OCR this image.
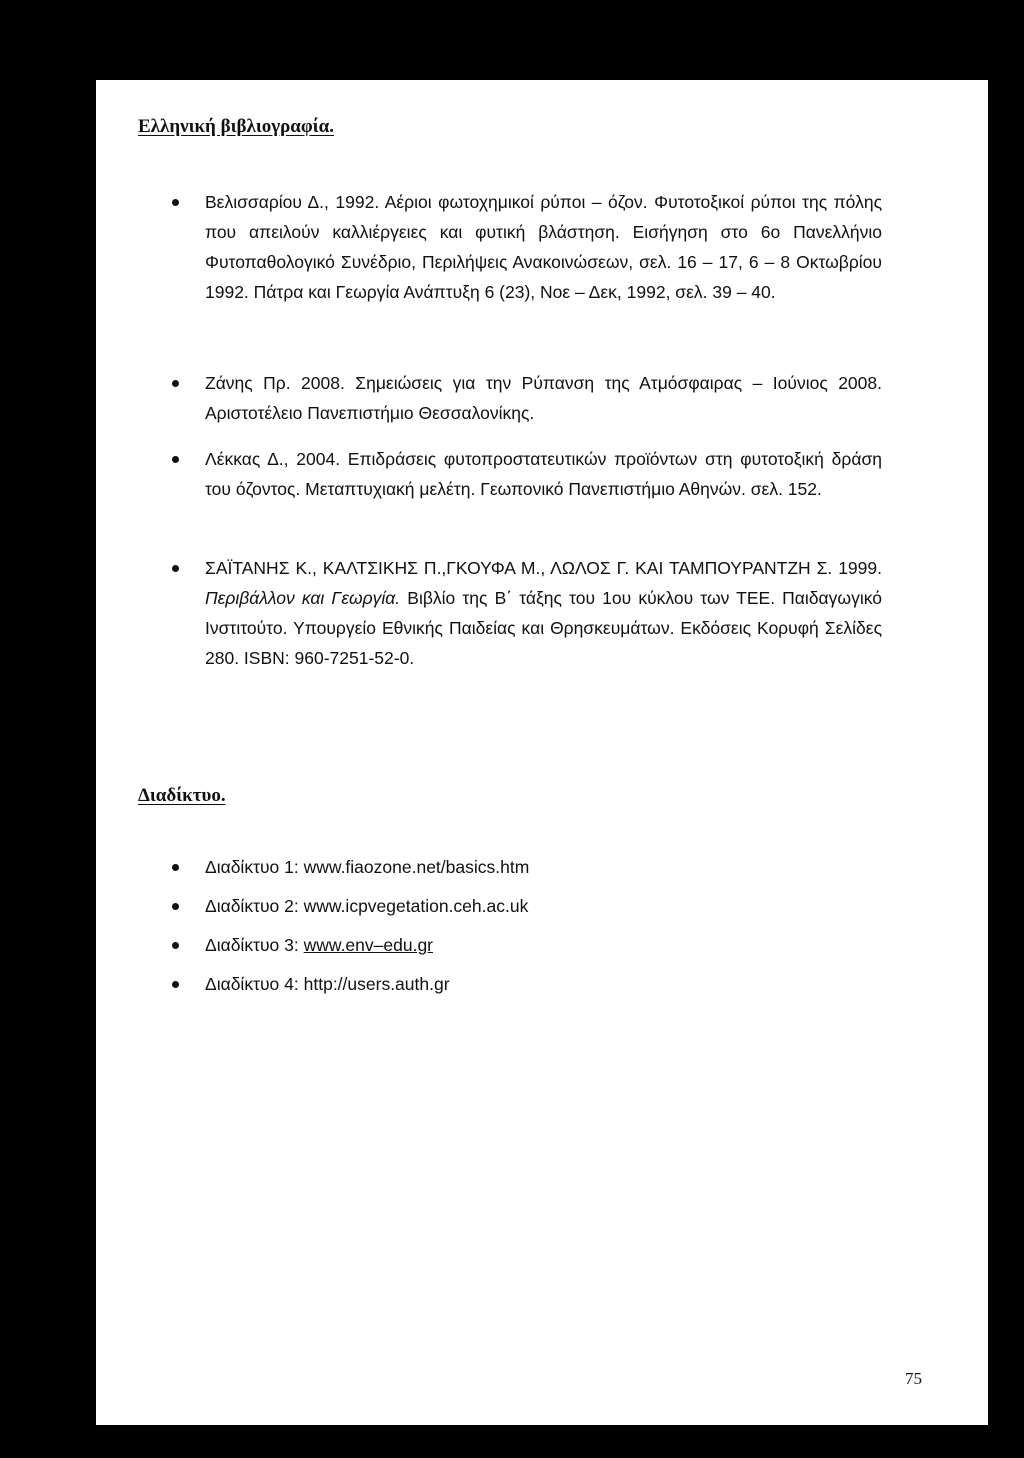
Ελληνική βιβλιογραφία.
Βελισσαρίου Δ., 1992. Αέριοι φωτοχημικοί ρύποι – όζον. Φυτοτοξικοί ρύποι της πόλης που απειλούν καλλιέργειες και φυτική βλάστηση. Εισήγηση στο 6ο Πανελλήνιο Φυτοπαθολογικό Συνέδριο, Περιλήψεις Ανακοινώσεων, σελ. 16 – 17, 6 – 8 Οκτωβρίου 1992. Πάτρα και Γεωργία Ανάπτυξη 6 (23), Νοε – Δεκ, 1992, σελ. 39 – 40.
Ζάνης Πρ. 2008. Σημειώσεις για την Ρύπανση της Ατμόσφαιρας – Ιούνιος 2008. Αριστοτέλειο Πανεπιστήμιο Θεσσαλονίκης.
Λέκκας Δ., 2004. Επιδράσεις φυτοπροστατευτικών προϊόντων στη φυτοτοξική δράση του όζοντος. Μεταπτυχιακή μελέτη. Γεωπονικό Πανεπιστήμιο Αθηνών. σελ. 152.
ΣΑΪΤΑΝΗΣ Κ., ΚΑΛΤΣΙΚΗΣ Π.,ΓΚΟΥΦΑ Μ., ΛΩΛΟΣ Γ. ΚΑΙ ΤΑΜΠΟΥΡΑΝΤΖΗ Σ. 1999. Περιβάλλον και Γεωργία. Βιβλίο της Β΄ τάξης του 1ου κύκλου των ΤΕΕ. Παιδαγωγικό Ινστιτούτο. Υπουργείο Εθνικής Παιδείας και Θρησκευμάτων. Εκδόσεις Κορυφή Σελίδες 280. ISBN: 960-7251-52-0.
Διαδίκτυο.
Διαδίκτυο 1: www.fiaozone.net/basics.htm
Διαδίκτυο 2: www.icpvegetation.ceh.ac.uk
Διαδίκτυο 3: www.env–edu.gr
Διαδίκτυο 4: http://users.auth.gr
75
